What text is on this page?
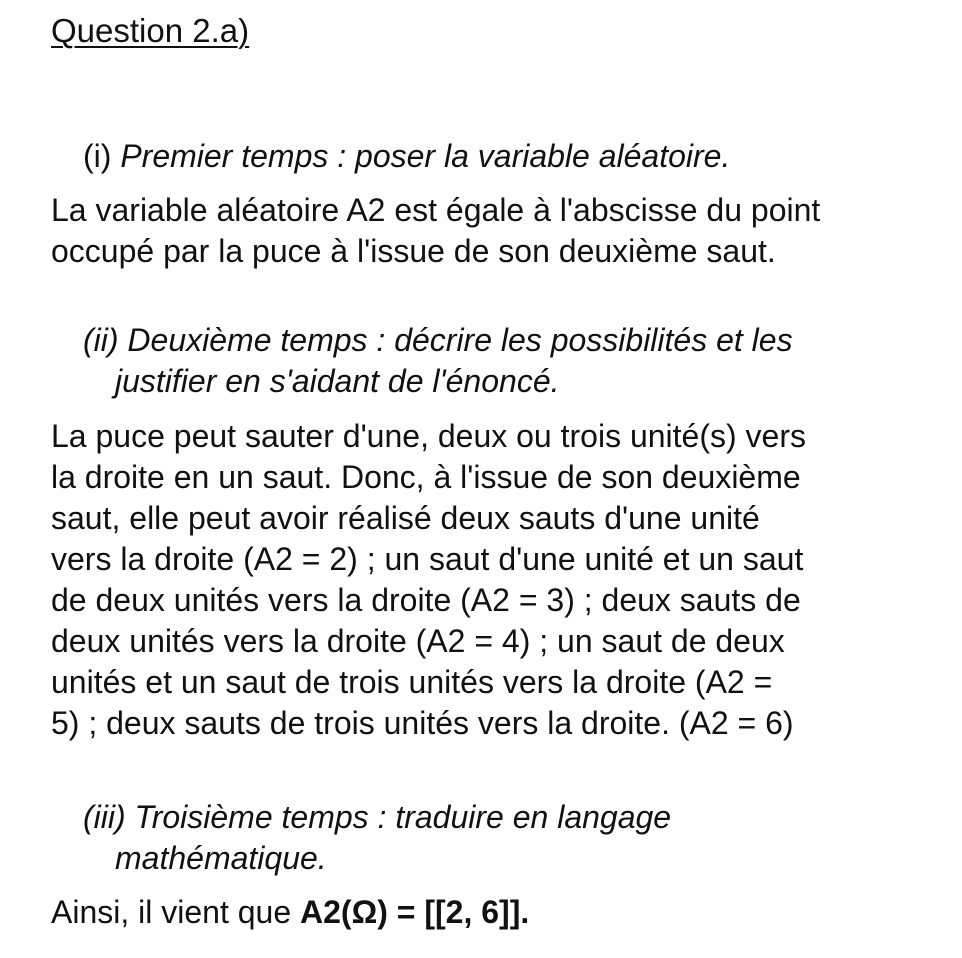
Question 2.a)

(i) Premier temps : poser la variable aléatoire.

La variable aléatoire A2 est égale à l'abscisse du point
occupé par la puce à l'issue de son deuxième saut.

(ii) Deuxième temps : décrire les possibilités et les
justifier en s'aidant de l'énoncé.

La puce peut sauter d'une, deux ou trois unité(s) vers
la droite en un saut. Donc, à l'issue de son deuxième
saut, elle peut avoir réalisé deux sauts d'une unité
vers la droite (A2 = 2) ; un saut d'une unité et un saut
de deux unités vers la droite (A2 = 3) ; deux sauts de
deux unités vers la droite (A2 = 4) ; un saut de deux
unités et un saut de trois unités vers la droite (A2 =
5) ; deux sauts de trois unités vers la droite. (A2 = 6)

(iii) Troisième temps : traduire en langage
mathématique.

Ainsi, il vient que A2(Ω) = [[2, 6]].
